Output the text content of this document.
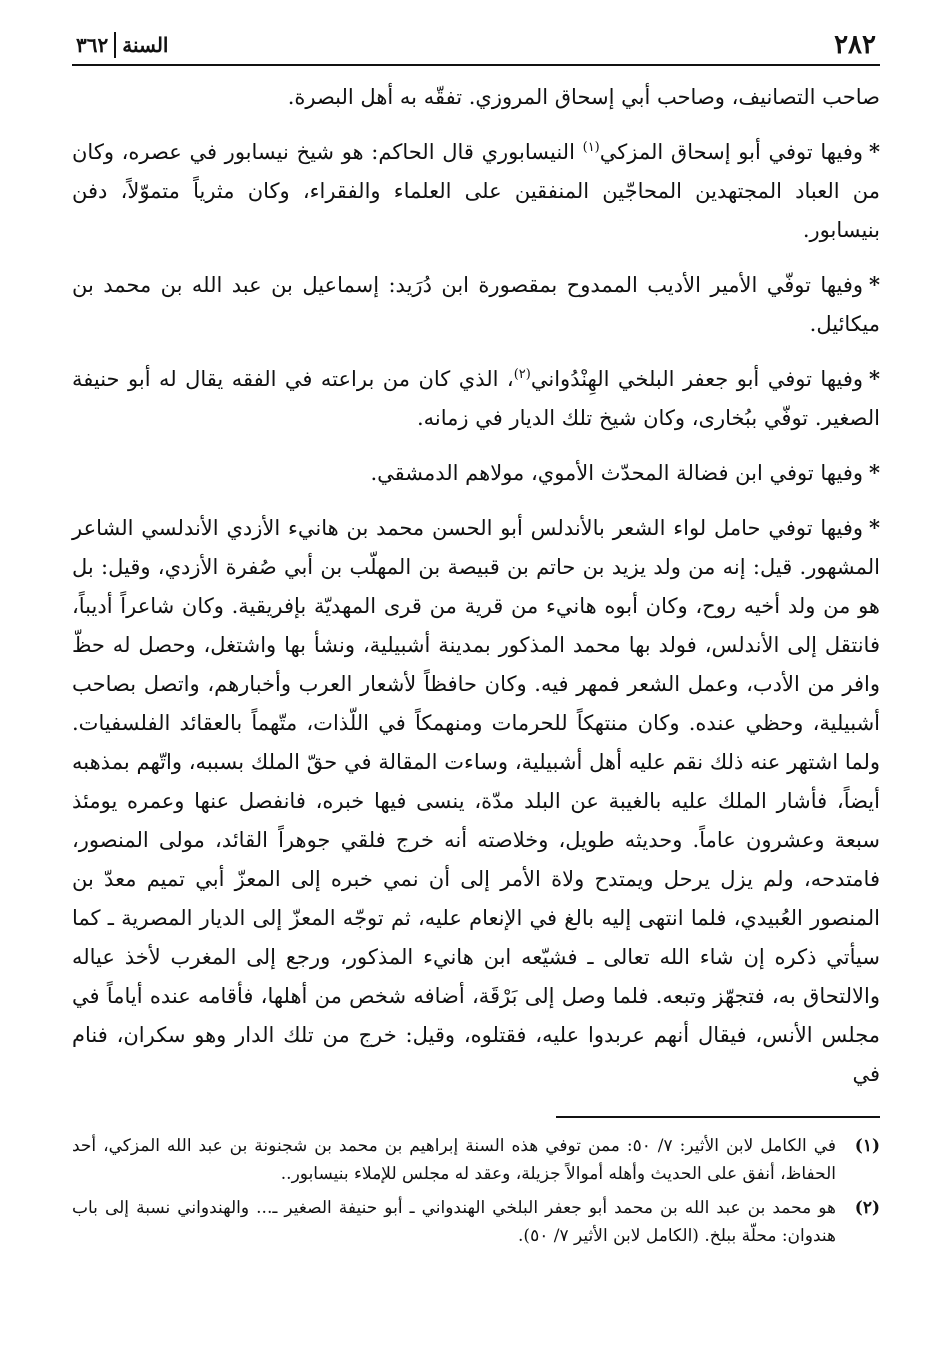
٢٨٢
السنة
٣٦٢

صاحب التصانيف، وصاحب أبي إسحاق المروزي. تفقّه به أهل البصرة.

*وفيها توفي أبو إسحاق المزكي$^{(١)}$ النيسابوري قال الحاكم: هو شيخ نيسابور في عصره، وكان من العباد المجتهدين المحاجّين المنفقين على العلماء والفقراء، وكان مثرياً متموّلاً، دفن بنيسابور.

*وفيها توفّي الأمير الأديب الممدوح بمقصورة ابن دُرَيد: إسماعيل بن عبد الله بن محمد بن ميكائيل.

*وفيها توفي أبو جعفر البلخي الهِنْدُواني$^{(٢)}$، الذي كان من براعته في الفقه يقال له أبو حنيفة الصغير. توفّي ببُخارى، وكان شيخ تلك الديار في زمانه.

*وفيها توفي ابن فضالة المحدّث الأموي، مولاهم الدمشقي.

*وفيها توفي حامل لواء الشعر بالأندلس أبو الحسن محمد بن هانيء الأزدي الأندلسي الشاعر المشهور. قيل: إنه من ولد يزيد بن حاتم بن قبيصة بن المهلّب بن أبي صُفرة الأزدي، وقيل: بل هو من ولد أخيه روح، وكان أبوه هانيء من قرية من قرى المهديّة بإفريقية. وكان شاعراً أديباً، فانتقل إلى الأندلس، فولد بها محمد المذكور بمدينة أشبيلية، ونشأ بها واشتغل، وحصل له حظّ وافر من الأدب، وعمل الشعر فمهر فيه. وكان حافظاً لأشعار العرب وأخبارهم، واتصل بصاحب أشبيلية، وحظي عنده. وكان منتهكاً للحرمات ومنهمكاً في اللّذات، متّهماً بالعقائد الفلسفيات. ولما اشتهر عنه ذلك نقم عليه أهل أشبيلية، وساءت المقالة في حقّ الملك بسببه، واتّهم بمذهبه أيضاً، فأشار الملك عليه بالغيبة عن البلد مدّة، ينسى فيها خبره، فانفصل عنها وعمره يومئذ سبعة وعشرون عاماً. وحديثه طويل، وخلاصته أنه خرج فلقي جوهراً القائد، مولى المنصور، فامتدحه، ولم يزل يرحل ويمتدح ولاة الأمر إلى أن نمي خبره إلى المعزّ أبي تميم معدّ بن المنصور العُبيدي، فلما انتهى إليه بالغ في الإنعام عليه، ثم توجّه المعزّ إلى الديار المصرية ـ كما سيأتي ذكره إن شاء الله تعالى ـ فشيّعه ابن هانيء المذكور، ورجع إلى المغرب لأخذ عياله والالتحاق به، فتجهّز وتبعه. فلما وصل إلى بَرْقَة، أضافه شخص من أهلها، فأقامه عنده أياماً في مجلس الأنس، فيقال أنهم عربدوا عليه، فقتلوه، وقيل: خرج من تلك الدار وهو سكران، فنام في

(١)
في الكامل لابن الأثير: ٧/ ٥٠: ممن توفي هذه السنة إبراهيم بن محمد بن شجنونة بن عبد الله المزكي، أحد الحفاظ، أنفق على الحديث وأهله أموالاً جزيلة، وعقد له مجلس للإملاء بنيسابور..
(٢)
هو محمد بن عبد الله بن محمد أبو جعفر البلخي الهندواني ـ أبو حنيفة الصغير ـ... والهندواني نسبة إلى باب هندوان: محلّة ببلخ. (الكامل لابن الأثير ٧/ ٥٠).
